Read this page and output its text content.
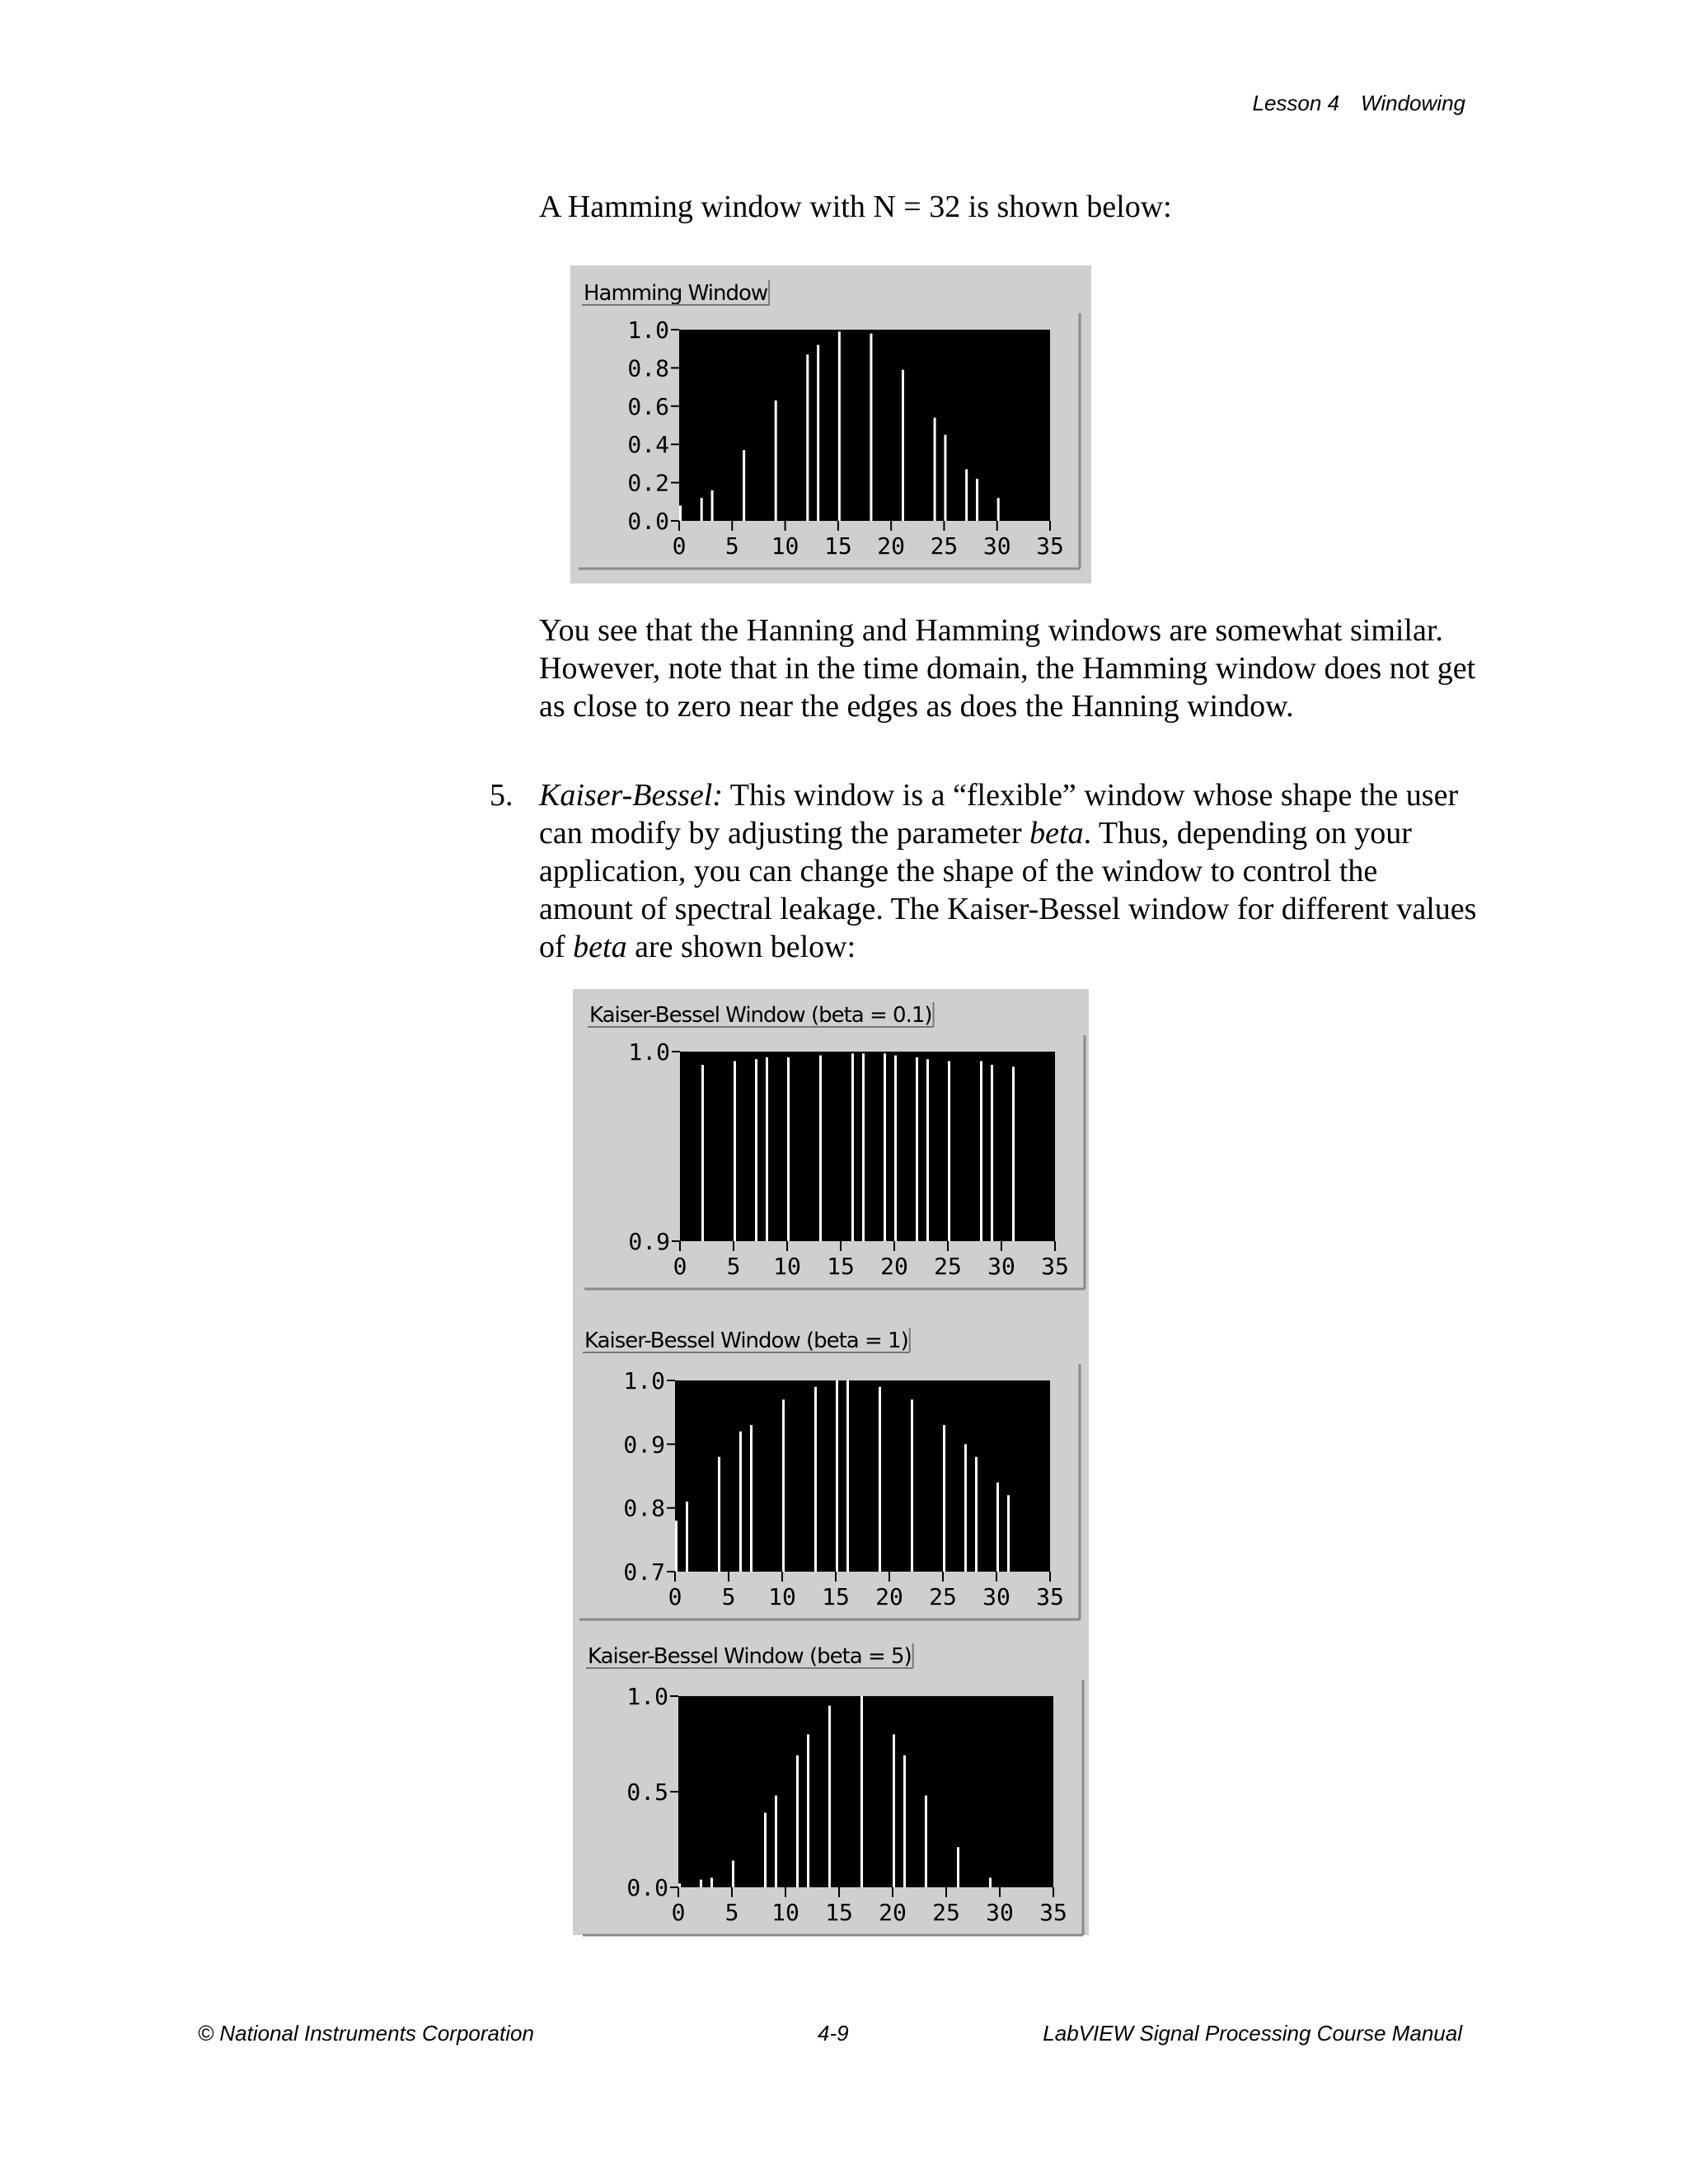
Lesson 4 Windowing

A Hamming window with N = 32 is shown below:

Hamming Window
0.0
0.2
0.4
0.6
0.8
1.0
0 5 10 15 20 25 30 35

You see that the Hanning and Hamming windows are somewhat similar. However, note that in the time domain, the Hamming window does not get as close to zero near the edges as does the Hanning window.

5. Kaiser-Bessel: This window is a “flexible” window whose shape the user can modify by adjusting the parameter beta. Thus, depending on your application, you can change the shape of the window to control the amount of spectral leakage. The Kaiser-Bessel window for different values of beta are shown below:

Kaiser-Bessel Window (beta = 0.1)
0.9
1.0
0 5 10 15 20 25 30 35
Kaiser-Bessel Window (beta = 1)
0.7
0.8
0.9
1.0
0 5 10 15 20 25 30 35
Kaiser-Bessel Window (beta = 5)
0.0
0.5
1.0
0 5 10 15 20 25 30 35
© National Instruments Corporation	4-9	LabVIEW Signal Processing Course Manual
